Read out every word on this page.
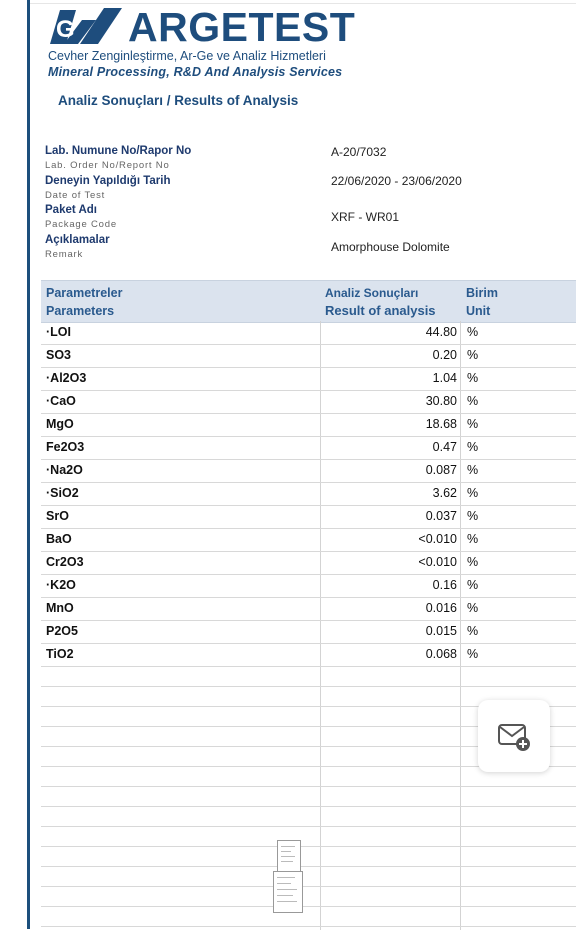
G ARGETEST
Cevher Zenginleştirme, Ar-Ge ve Analiz Hizmetleri
Mineral Processing, R&D And Analysis Services
Analiz Sonuçları / Results of Analysis
Lab. Numune No/Rapor No
Lab. Order No/Report No
A-20/7032
Deneyin Yapıldığı Tarih
Date of Test
22/06/2020 - 23/06/2020
Paket Adı
Package Code
XRF - WR01
Açıklamalar
Remark
Amorphouse Dolomite
Parametreler
Parameters
Analiz Sonuçları
Result of analysis
Birim
Unit
·LOI	44.80 %
SO3	0.20 %
·Al2O3	1.04 %
·CaO	30.80 %
MgO	18.68 %
Fe2O3	0.47 %
·Na2O	0.087 %
·SiO2	3.62 %
SrO	0.037 %
BaO	<0.010 %
Cr2O3	<0.010 %
·K2O	0.16 %
MnO	0.016 %
P2O5	0.015 %
TiO2	0.068 %
